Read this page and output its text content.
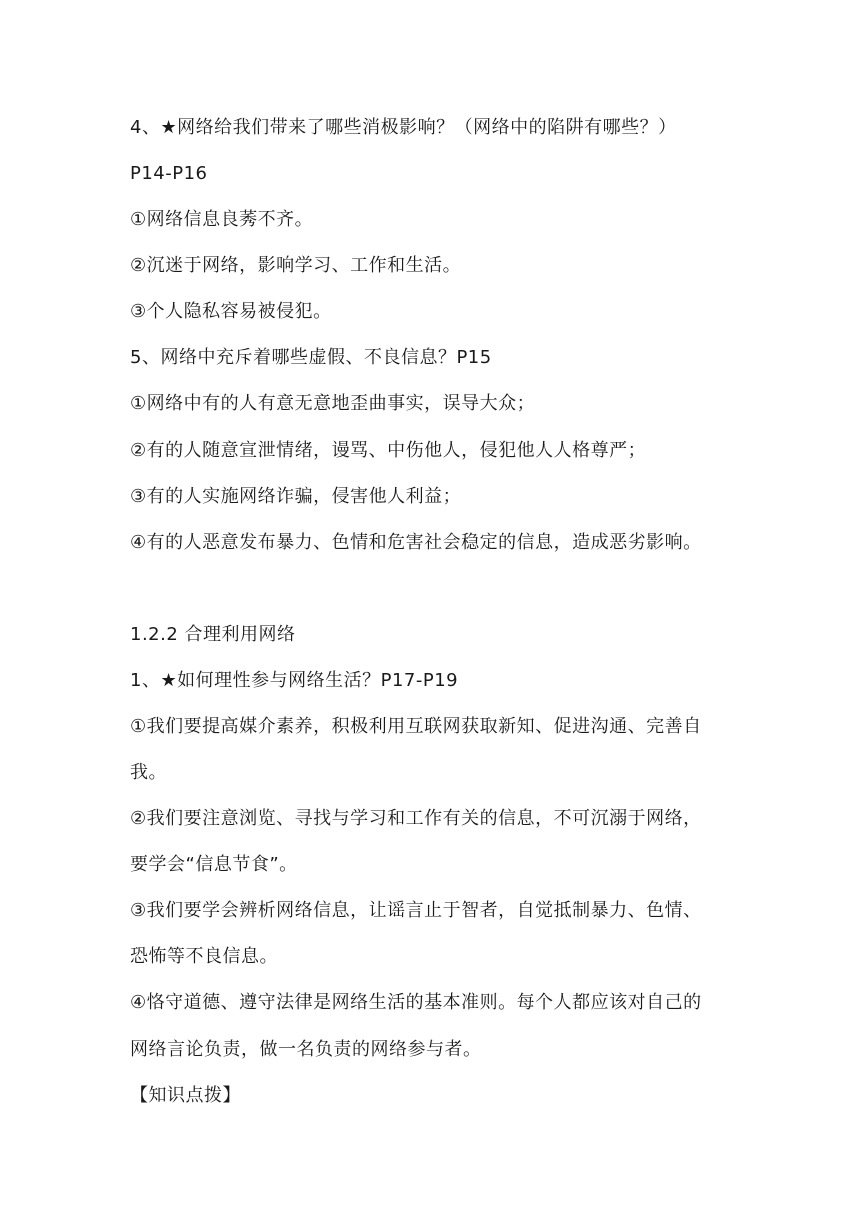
4、★网络给我们带来了哪些消极影响？（网络中的陷阱有哪些？）
P14-P16
①网络信息良莠不齐。
②沉迷于网络，影响学习、工作和生活。
③个人隐私容易被侵犯。
5、网络中充斥着哪些虚假、不良信息？P15
①网络中有的人有意无意地歪曲事实，误导大众；
②有的人随意宣泄情绪，谩骂、中伤他人，侵犯他人人格尊严；
③有的人实施网络诈骗，侵害他人利益；
④有的人恶意发布暴力、色情和危害社会稳定的信息，造成恶劣影响。
1.2.2 合理利用网络
1、★如何理性参与网络生活？P17-P19
①我们要提高媒介素养，积极利用互联网获取新知、促进沟通、完善自
我。
②我们要注意浏览、寻找与学习和工作有关的信息，不可沉溺于网络，
要学会“信息节食”。
③我们要学会辨析网络信息，让谣言止于智者，自觉抵制暴力、色情、
恐怖等不良信息。
④恪守道德、遵守法律是网络生活的基本准则。每个人都应该对自己的
网络言论负责，做一名负责的网络参与者。
【知识点拨】
